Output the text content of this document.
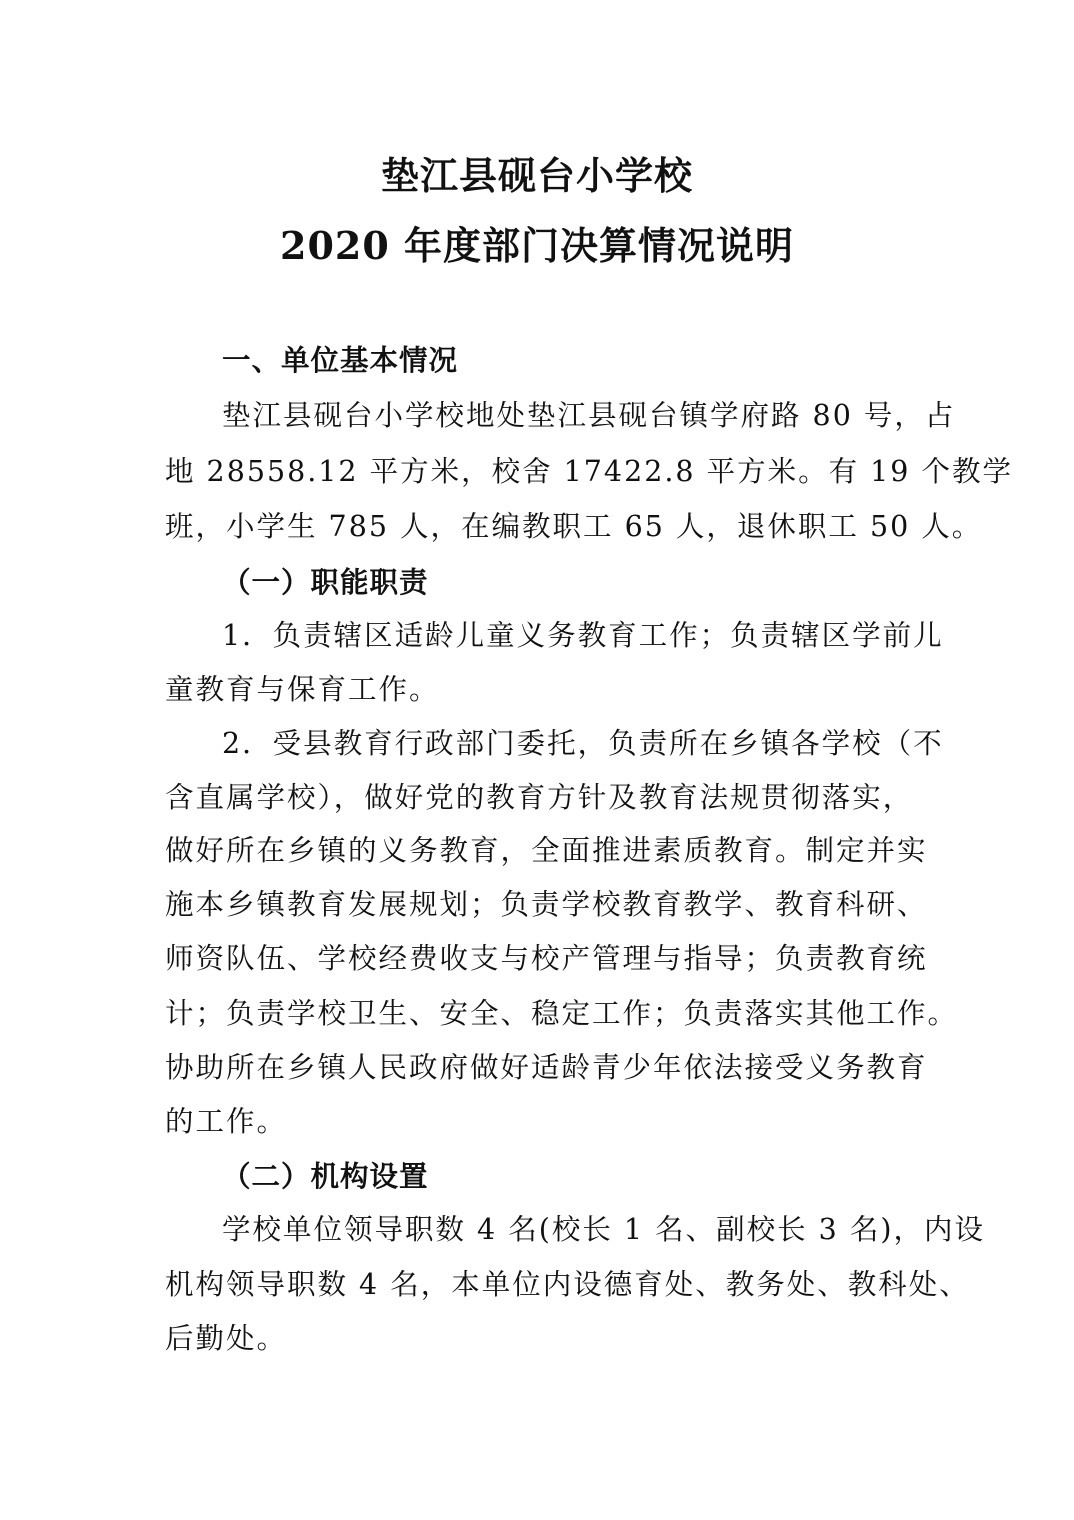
垫江县砚台小学校
2020 年度部门决算情况说明
一、单位基本情况
垫江县砚台小学校地处垫江县砚台镇学府路 80 号，占
地 28558.12 平方米，校舍 17422.8 平方米。有 19 个教学
班，小学生 785 人，在编教职工 65 人，退休职工 50 人。
（一）职能职责
1．负责辖区适龄儿童义务教育工作；负责辖区学前儿
童教育与保育工作。
2．受县教育行政部门委托，负责所在乡镇各学校（不
含直属学校），做好党的教育方针及教育法规贯彻落实，
做好所在乡镇的义务教育，全面推进素质教育。制定并实
施本乡镇教育发展规划；负责学校教育教学、教育科研、
师资队伍、学校经费收支与校产管理与指导；负责教育统
计；负责学校卫生、安全、稳定工作；负责落实其他工作。
协助所在乡镇人民政府做好适龄青少年依法接受义务教育
的工作。
（二）机构设置
学校单位领导职数 4 名(校长 1 名、副校长 3 名)，内设
机构领导职数 4 名，本单位内设德育处、教务处、教科处、
后勤处。
